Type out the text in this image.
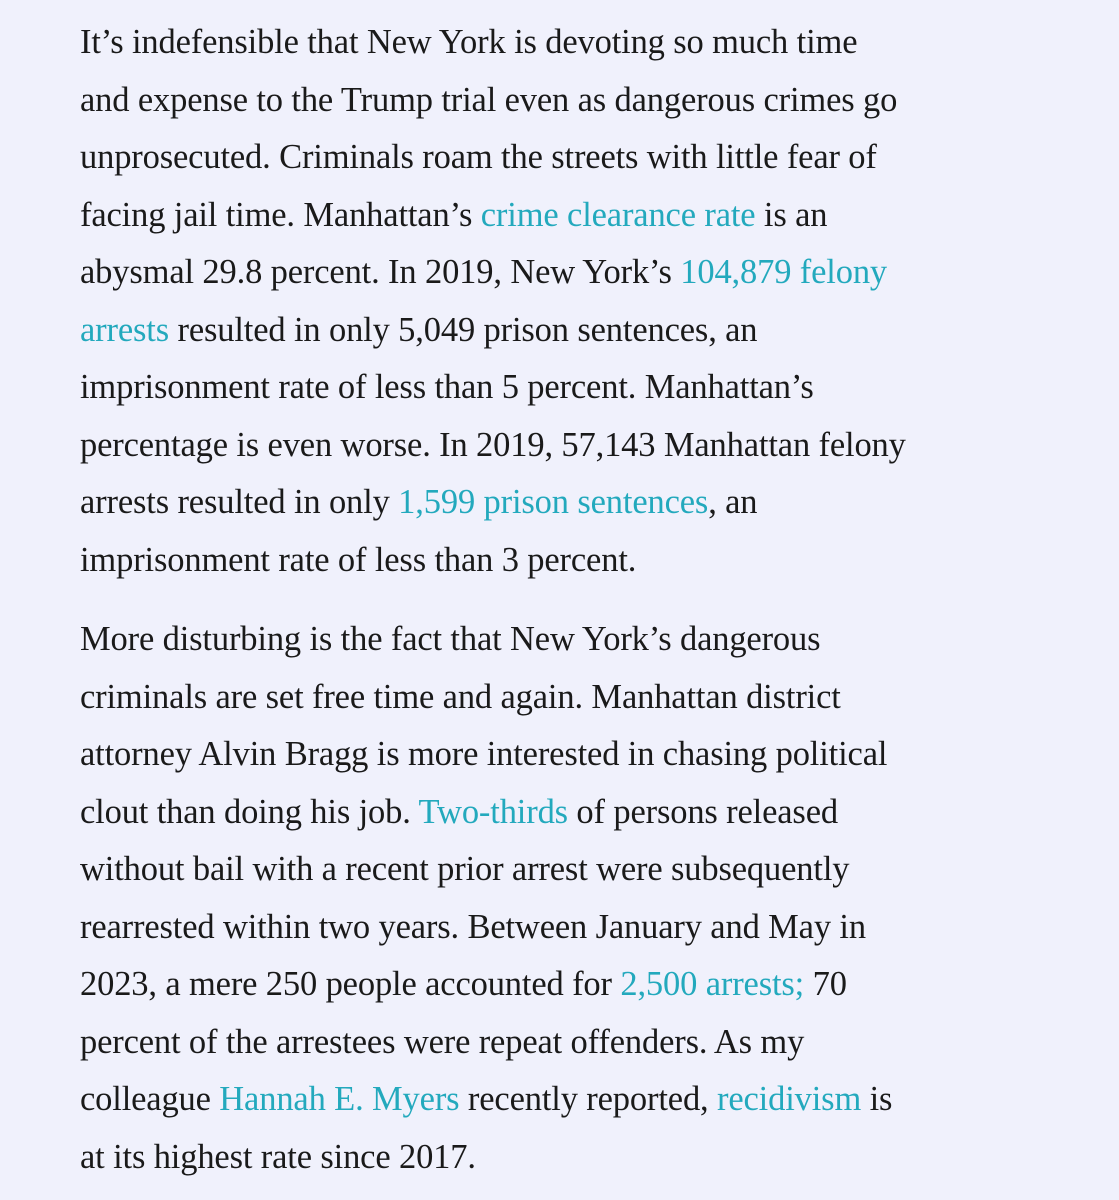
It’s indefensible that New York is devoting so much time
and expense to the Trump trial even as dangerous crimes go
unprosecuted. Criminals roam the streets with little fear of
facing jail time. Manhattan’s crime clearance rate is an
abysmal 29.8 percent. In 2019, New York’s 104,879 felony
arrests resulted in only 5,049 prison sentences, an
imprisonment rate of less than 5 percent. Manhattan’s
percentage is even worse. In 2019, 57,143 Manhattan felony
arrests resulted in only 1,599 prison sentences, an
imprisonment rate of less than 3 percent.

More disturbing is the fact that New York’s dangerous
criminals are set free time and again. Manhattan district
attorney Alvin Bragg is more interested in chasing political
clout than doing his job. Two-thirds of persons released
without bail with a recent prior arrest were subsequently
rearrested within two years. Between January and May in
2023, a mere 250 people accounted for 2,500 arrests; 70
percent of the arrestees were repeat offenders. As my
colleague Hannah E. Myers recently reported, recidivism is
at its highest rate since 2017.
